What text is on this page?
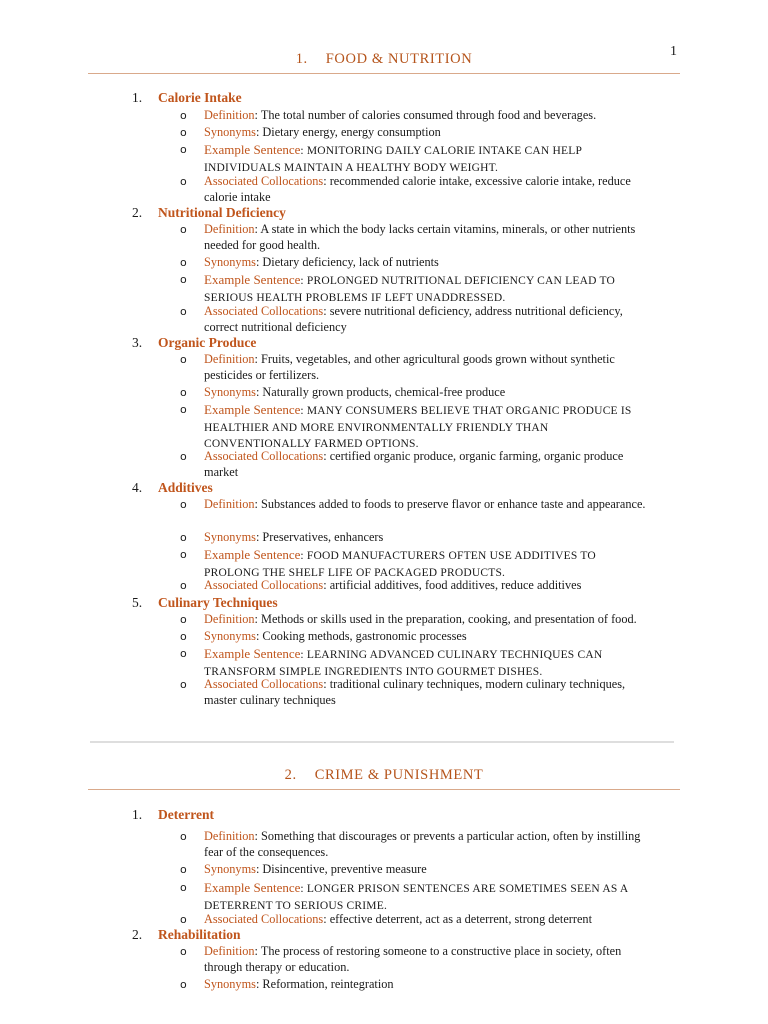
1
1. FOOD & NUTRITION
1. Calorie Intake
o Definition: The total number of calories consumed through food and beverages.
o Synonyms: Dietary energy, energy consumption
o Example Sentence: MONITORING DAILY CALORIE INTAKE CAN HELP INDIVIDUALS MAINTAIN A HEALTHY BODY WEIGHT.
o Associated Collocations: recommended calorie intake, excessive calorie intake, reduce calorie intake
2. Nutritional Deficiency
o Definition: A state in which the body lacks certain vitamins, minerals, or other nutrients needed for good health.
o Synonyms: Dietary deficiency, lack of nutrients
o Example Sentence: PROLONGED NUTRITIONAL DEFICIENCY CAN LEAD TO SERIOUS HEALTH PROBLEMS IF LEFT UNADDRESSED.
o Associated Collocations: severe nutritional deficiency, address nutritional deficiency, correct nutritional deficiency
3. Organic Produce
o Definition: Fruits, vegetables, and other agricultural goods grown without synthetic pesticides or fertilizers.
o Synonyms: Naturally grown products, chemical-free produce
o Example Sentence: MANY CONSUMERS BELIEVE THAT ORGANIC PRODUCE IS HEALTHIER AND MORE ENVIRONMENTALLY FRIENDLY THAN CONVENTIONALLY FARMED OPTIONS.
o Associated Collocations: certified organic produce, organic farming, organic produce market
4. Additives
o Definition: Substances added to foods to preserve flavor or enhance taste and appearance.
o Synonyms: Preservatives, enhancers
o Example Sentence: FOOD MANUFACTURERS OFTEN USE ADDITIVES TO PROLONG THE SHELF LIFE OF PACKAGED PRODUCTS.
o Associated Collocations: artificial additives, food additives, reduce additives
5. Culinary Techniques
o Definition: Methods or skills used in the preparation, cooking, and presentation of food.
o Synonyms: Cooking methods, gastronomic processes
o Example Sentence: LEARNING ADVANCED CULINARY TECHNIQUES CAN TRANSFORM SIMPLE INGREDIENTS INTO GOURMET DISHES.
o Associated Collocations: traditional culinary techniques, modern culinary techniques, master culinary techniques
2. CRIME & PUNISHMENT
1. Deterrent
o Definition: Something that discourages or prevents a particular action, often by instilling fear of the consequences.
o Synonyms: Disincentive, preventive measure
o Example Sentence: LONGER PRISON SENTENCES ARE SOMETIMES SEEN AS A DETERRENT TO SERIOUS CRIME.
o Associated Collocations: effective deterrent, act as a deterrent, strong deterrent
2. Rehabilitation
o Definition: The process of restoring someone to a constructive place in society, often through therapy or education.
o Synonyms: Reformation, reintegration
